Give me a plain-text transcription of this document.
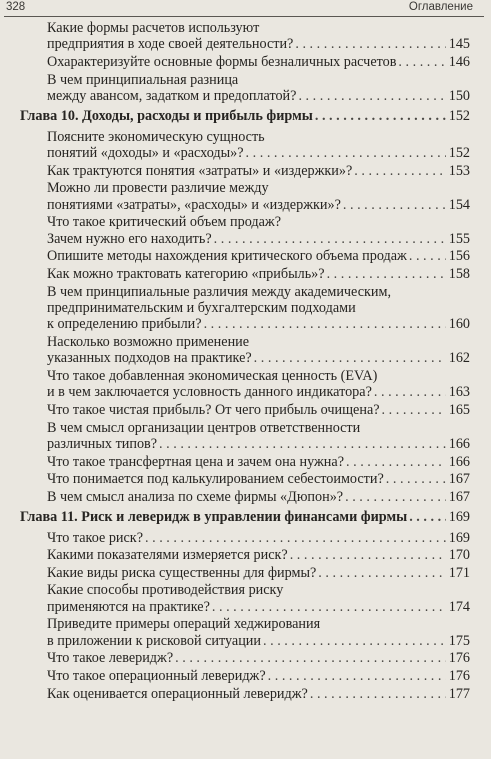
328	Оглавление
Какие формы расчетов используют
предприятия в ходе своей деятельности? . . .	145
Охарактеризуйте основные формы безналичных расчетов . . .	146
В чем принципиальная разница
между авансом, задатком и предоплатой? . . .	150
Глава 10. Доходы, расходы и прибыль фирмы . . .	152
Поясните экономическую сущность
понятий «доходы» и «расходы»? . . .	152
Как трактуются понятия «затраты» и «издержки»? . . .	153
Можно ли провести различие между
понятиями «затраты», «расходы» и «издержки»? . . .	154
Что такое критический объем продаж?
Зачем нужно его находить? . . .	155
Опишите методы нахождения критического объема продаж . . .	156
Как можно трактовать категорию «прибыль»? . . .	158
В чем принципиальные различия между академическим,
предпринимательским и бухгалтерским подходами
к определению прибыли? . . .	160
Насколько возможно применение
указанных подходов на практике? . . .	162
Что такое добавленная экономическая ценность (EVA)
и в чем заключается условность данного индикатора? . . .	163
Что такое чистая прибыль? От чего прибыль очищена? . . .	165
В чем смысл организации центров ответственности
различных типов? . . .	166
Что такое трансфертная цена и зачем она нужна? . . .	166
Что понимается под калькулированием себестоимости? . . .	167
В чем смысл анализа по схеме фирмы «Дюпон»? . . .	167
Глава 11. Риск и леверидж в управлении финансами фирмы . . .	169
Что такое риск? . . .	169
Какими показателями измеряется риск? . . .	170
Какие виды риска существенны для фирмы? . . .	171
Какие способы противодействия риску
применяются на практике? . . .	174
Приведите примеры операций хеджирования
в приложении к рисковой ситуации . . .	175
Что такое леверидж? . . .	176
Что такое операционный леверидж? . . .	176
Как оценивается операционный леверидж? . . .	177
